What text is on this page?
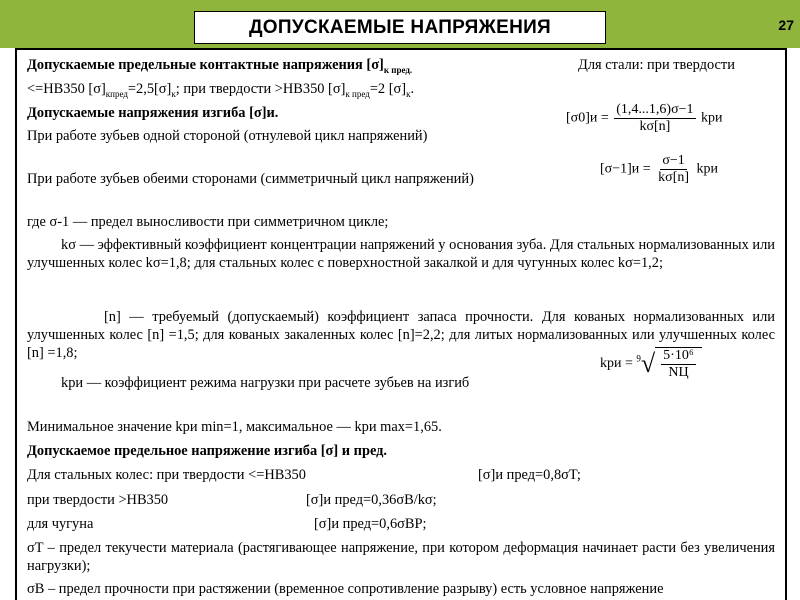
ДОПУСКАЕМЫЕ НАПРЯЖЕНИЯ	27
Допускаемые предельные контактные напряжения $[\sigma]_{к пред.}$	Для стали: при твердости
<=НВ350 $[\sigma]_{кпред}=2,5[\sigma]_к$; при твердости >НВ350 $[\sigma]_{к пред}=2$ $[\sigma]_к$.
Допускаемые напряжения изгиба [σ]и.
При работе зубьев одной стороной (отнулевой цикл напряжений)
$[\sigma 0]и = \frac{(1,4...1,6)\sigma-1}{k\sigma[n]}$ kри
При работе зубьев обеими сторонами (симметричный цикл напряжений)
$[\sigma-1]и = \frac{\sigma-1}{k\sigma[n]}$ kри
где σ-1 — предел выносливости при симметричном цикле;
kσ — эффективный коэффициент концентрации напряжений у основания зуба. Для стальных нормализованных или улучшенных колес kσ=1,8; для стальных колес с поверхностной закалкой и для чугунных колес kσ=1,2;
[n] — требуемый (допускаемый) коэффициент запаса прочности. Для кованых нормализованных или улучшенных колес [n] =1,5; для кованых закаленных колес [n]=2,2; для литых нормализованных или улучшенных колес [n] =1,8;
kри — коэффициент режима нагрузки при расчете зубьев на изгиб
kри = $^9√ \frac{\text{5·10⁶}}{NЦ}$
Минимальное значение kри min=1, максимальное — kри max=1,65.
Допускаемое предельное напряжение изгиба [σ] и пред.
Для стальных колес: при твердости <=НВ350	[σ]и пред=0,8σT;
при твердости >НВ350	[σ]и пред=0,36σB/kσ;
для чугуна	[σ]и пред=0,6σBP;
σT – предел текучести материала (растягивающее напряжение, при котором деформация начинает расти без увеличения нагрузки);
σB – предел прочности при растяжении (временное сопротивление разрыву) есть условное напряжение
